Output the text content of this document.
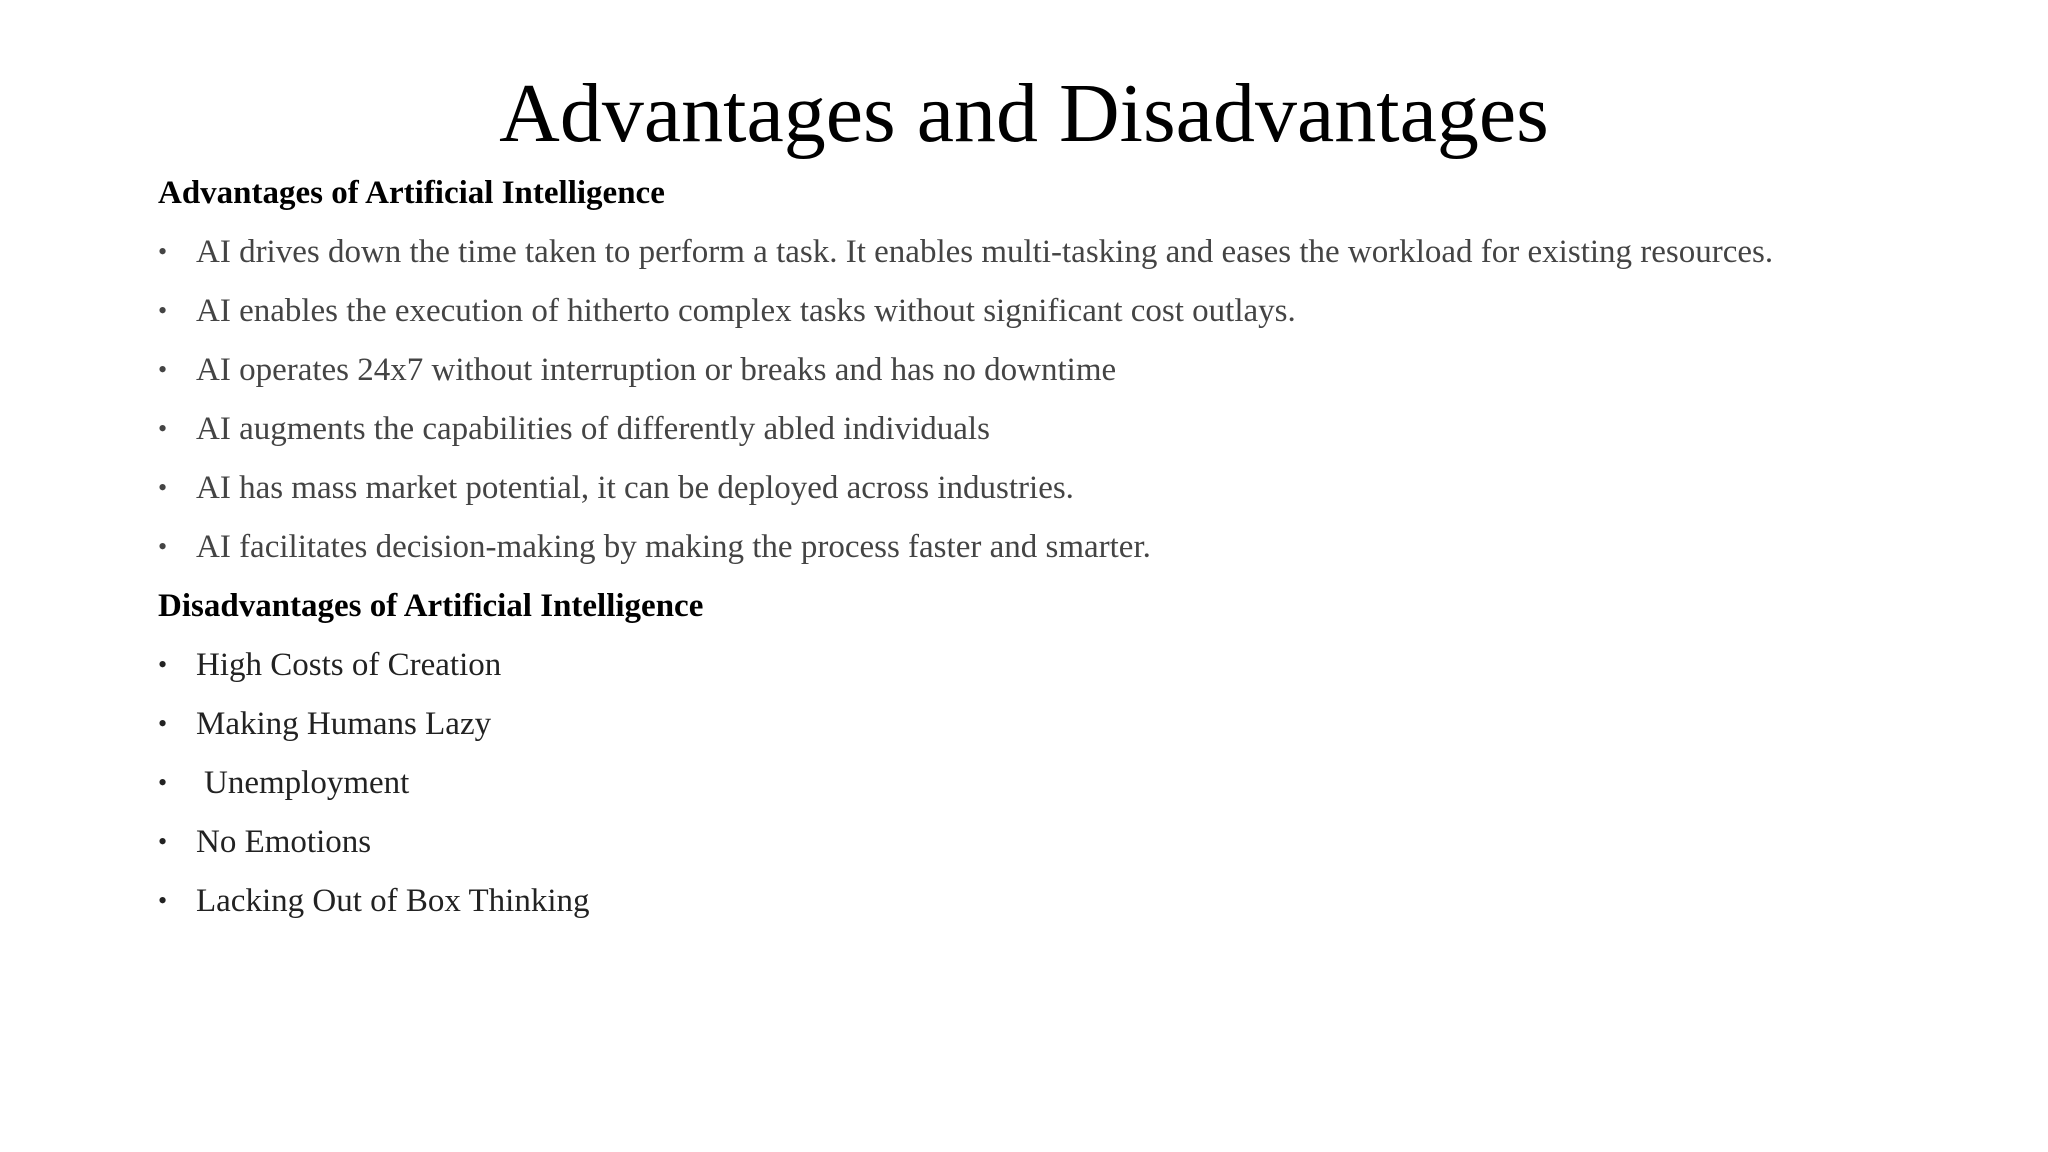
Advantages and Disadvantages
Advantages of Artificial Intelligence
• AI drives down the time taken to perform a task. It enables multi-tasking and eases the workload for existing resources.
• AI enables the execution of hitherto complex tasks without significant cost outlays.
• AI operates 24x7 without interruption or breaks and has no downtime
• AI augments the capabilities of differently abled individuals
• AI has mass market potential, it can be deployed across industries.
• AI facilitates decision-making by making the process faster and smarter.
Disadvantages of Artificial Intelligence
• High Costs of Creation
• Making Humans Lazy
• Unemployment
• No Emotions
• Lacking Out of Box Thinking
